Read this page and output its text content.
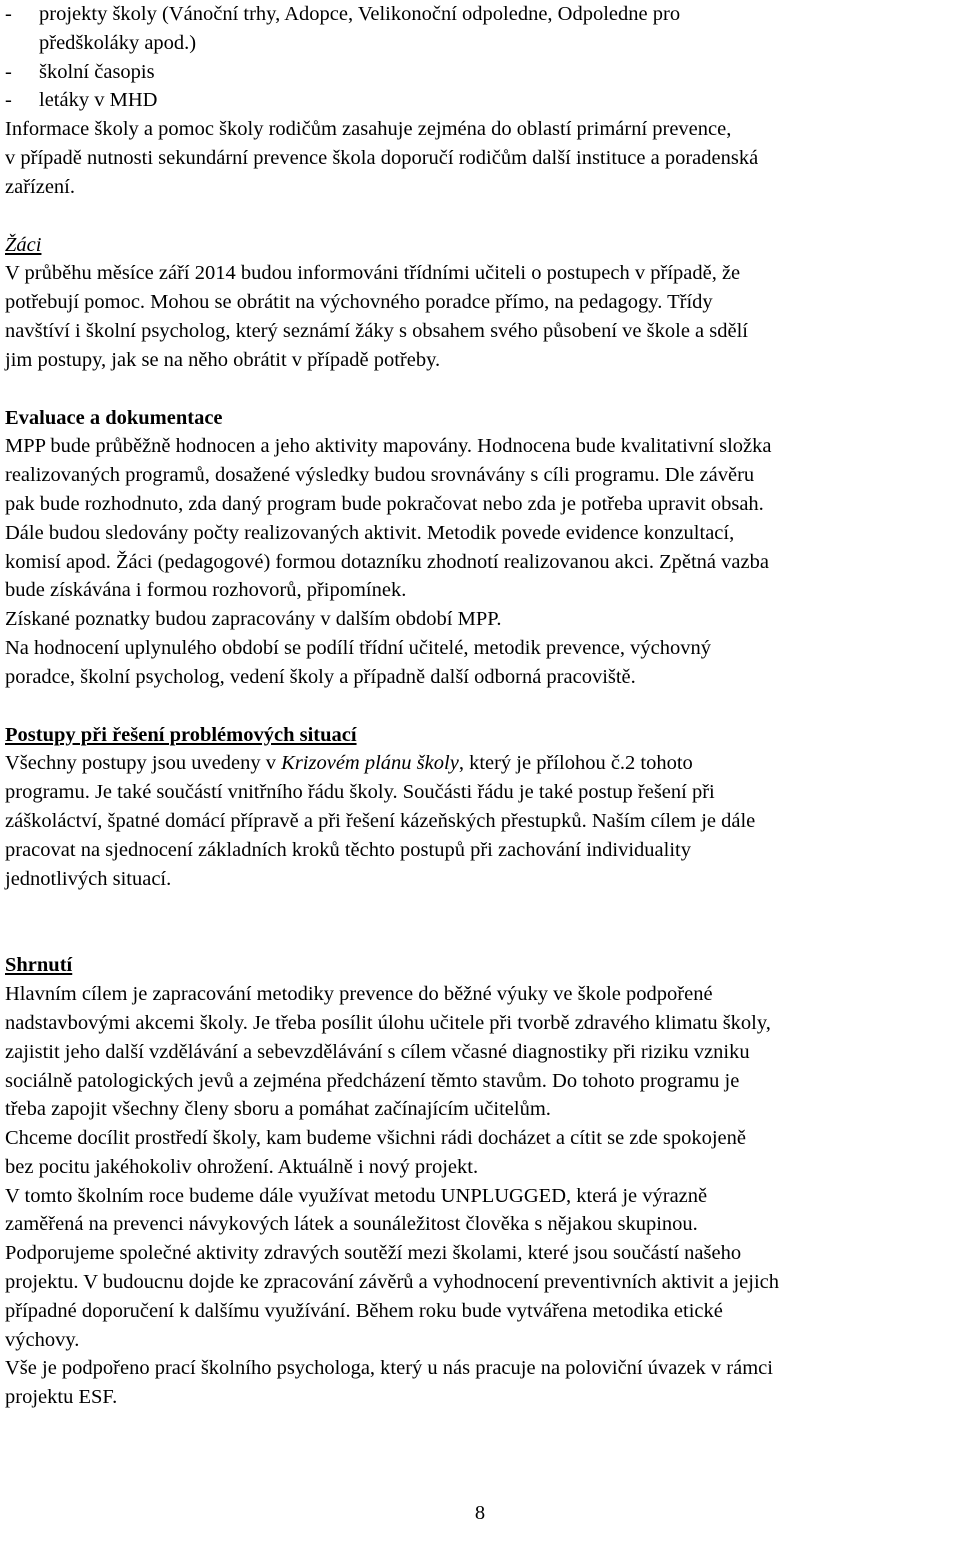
- projekty školy (Vánoční trhy, Adopce, Velikonoční odpoledne, Odpoledne pro
předškoláky apod.)
- školní časopis
- letáky v MHD
Informace školy a pomoc školy rodičům zasahuje zejména do oblastí primární prevence,
v případě nutnosti sekundární prevence škola doporučí rodičům další instituce a poradenská
zařízení.
Žáci
V průběhu měsíce září 2014 budou informováni třídními učiteli o postupech v případě, že
potřebují pomoc. Mohou se obrátit na výchovného poradce přímo, na pedagogy. Třídy
navštíví i školní psycholog, který seznámí žáky s obsahem svého působení ve škole a sdělí
jim postupy, jak se na něho obrátit v případě potřeby.
Evaluace a dokumentace
MPP bude průběžně hodnocen a jeho aktivity mapovány. Hodnocena bude kvalitativní složka
realizovaných programů, dosažené výsledky budou srovnávány s cíli programu. Dle závěru
pak bude rozhodnuto, zda daný program bude pokračovat nebo zda je potřeba upravit obsah.
Dále budou sledovány počty realizovaných aktivit. Metodik povede evidence konzultací,
komisí apod. Žáci (pedagogové) formou dotazníku zhodnotí realizovanou akci. Zpětná vazba
bude získávána i formou rozhovorů, připomínek.
Získané poznatky budou zapracovány v dalším období MPP.
Na hodnocení uplynulého období se podílí třídní učitelé, metodik prevence, výchovný
poradce, školní psycholog, vedení školy a případně další odborná pracoviště.
Postupy při řešení problémových situací
Všechny postupy jsou uvedeny v Krizovém plánu školy, který je přílohou č.2 tohoto
programu. Je také součástí vnitřního řádu školy. Součásti řádu je také postup řešení při
záškoláctví, špatné domácí přípravě a při řešení kázeňských přestupků. Naším cílem je dále
pracovat na sjednocení základních kroků těchto postupů při zachování individuality
jednotlivých situací.
Shrnutí
Hlavním cílem je zapracování metodiky prevence do běžné výuky ve škole podpořené
nadstavbovými akcemi školy. Je třeba posílit úlohu učitele při tvorbě zdravého klimatu školy,
zajistit jeho další vzdělávání a sebevzdělávání s cílem včasné diagnostiky při riziku vzniku
sociálně patologických jevů a zejména předcházení těmto stavům. Do tohoto programu je
třeba zapojit všechny členy sboru a pomáhat začínajícím učitelům.
Chceme docílit prostředí školy, kam budeme všichni rádi docházet a cítit se zde spokojeně
bez pocitu jakéhokoliv ohrožení. Aktuálně i nový projekt.
V tomto školním roce budeme dále využívat metodu UNPLUGGED, která je výrazně
zaměřená na prevenci návykových látek a sounáležitost člověka s nějakou skupinou.
Podporujeme společné aktivity zdravých soutěží mezi školami, které jsou součástí našeho
projektu. V budoucnu dojde ke zpracování závěrů a vyhodnocení preventivních aktivit a jejich
případné doporučení k dalšímu využívání. Během roku bude vytvářena metodika etické
výchovy.
Vše je podpořeno prací školního psychologa, který u nás pracuje na poloviční úvazek v rámci
projektu ESF.
8
